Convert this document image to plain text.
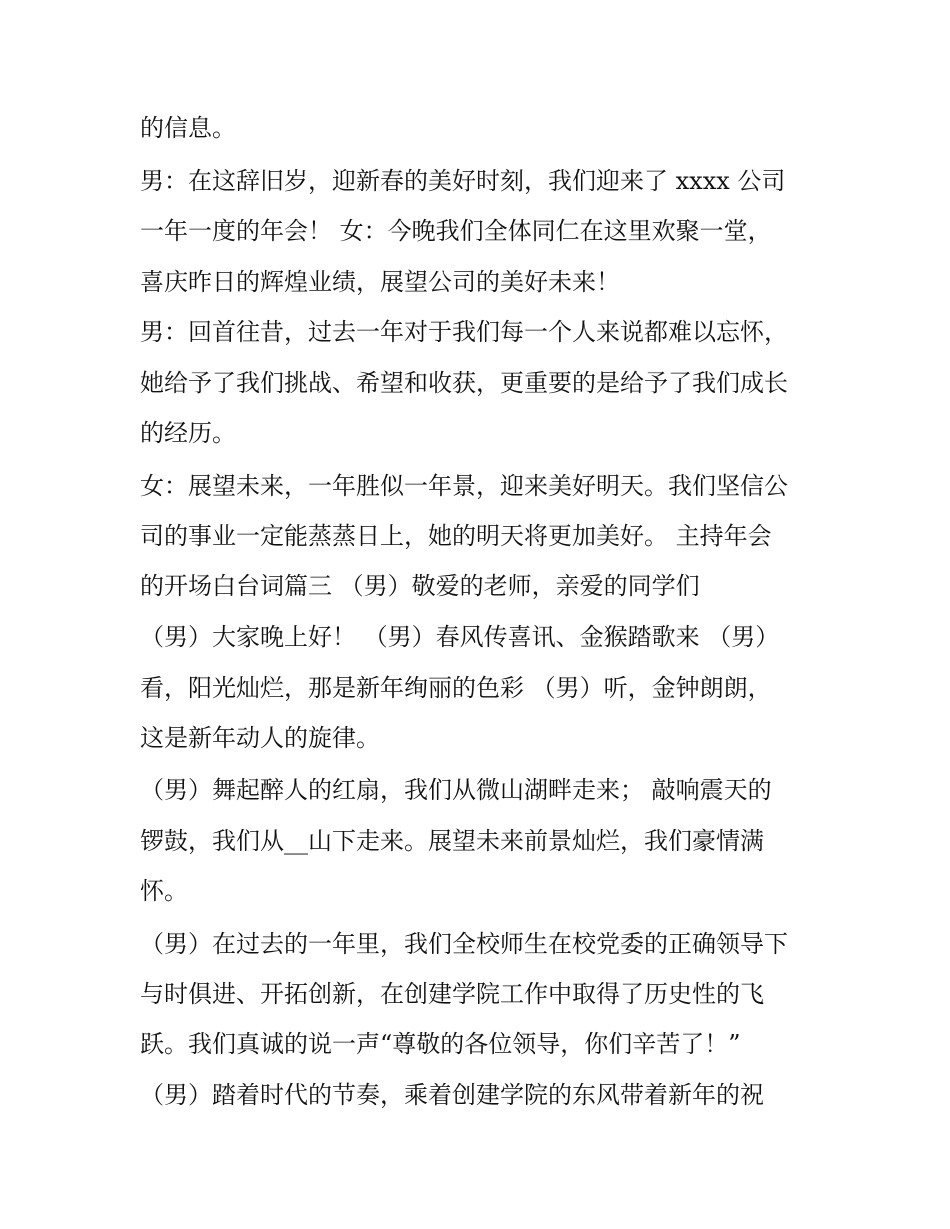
的信息。

男：在这辞旧岁，迎新春的美好时刻，我们迎来了 xxxx 公司

一年一度的年会！ 女：今晚我们全体同仁在这里欢聚一堂，

喜庆昨日的辉煌业绩，展望公司的美好未来！

男：回首往昔，过去一年对于我们每一个人来说都难以忘怀，

她给予了我们挑战、希望和收获，更重要的是给予了我们成长

的经历。

女：展望未来，一年胜似一年景，迎来美好明天。我们坚信公

司的事业一定能蒸蒸日上，她的明天将更加美好。 主持年会

的开场白台词篇三 （男）敬爱的老师，亲爱的同学们

（男）大家晚上好！ （男）春风传喜讯、金猴踏歌来 （男）

看，阳光灿烂，那是新年绚丽的色彩 （男）听，金钟朗朗，

这是新年动人的旋律。

（男）舞起醉人的红扇，我们从微山湖畔走来； 敲响震天的

锣鼓，我们从__山下走来。展望未来前景灿烂，我们豪情满

怀。

（男）在过去的一年里，我们全校师生在校党委的正确领导下

与时俱进、开拓创新，在创建学院工作中取得了历史性的飞

跃。我们真诚的说一声“尊敬的各位领导，你们辛苦了！”

（男）踏着时代的节奏，乘着创建学院的东风带着新年的祝
